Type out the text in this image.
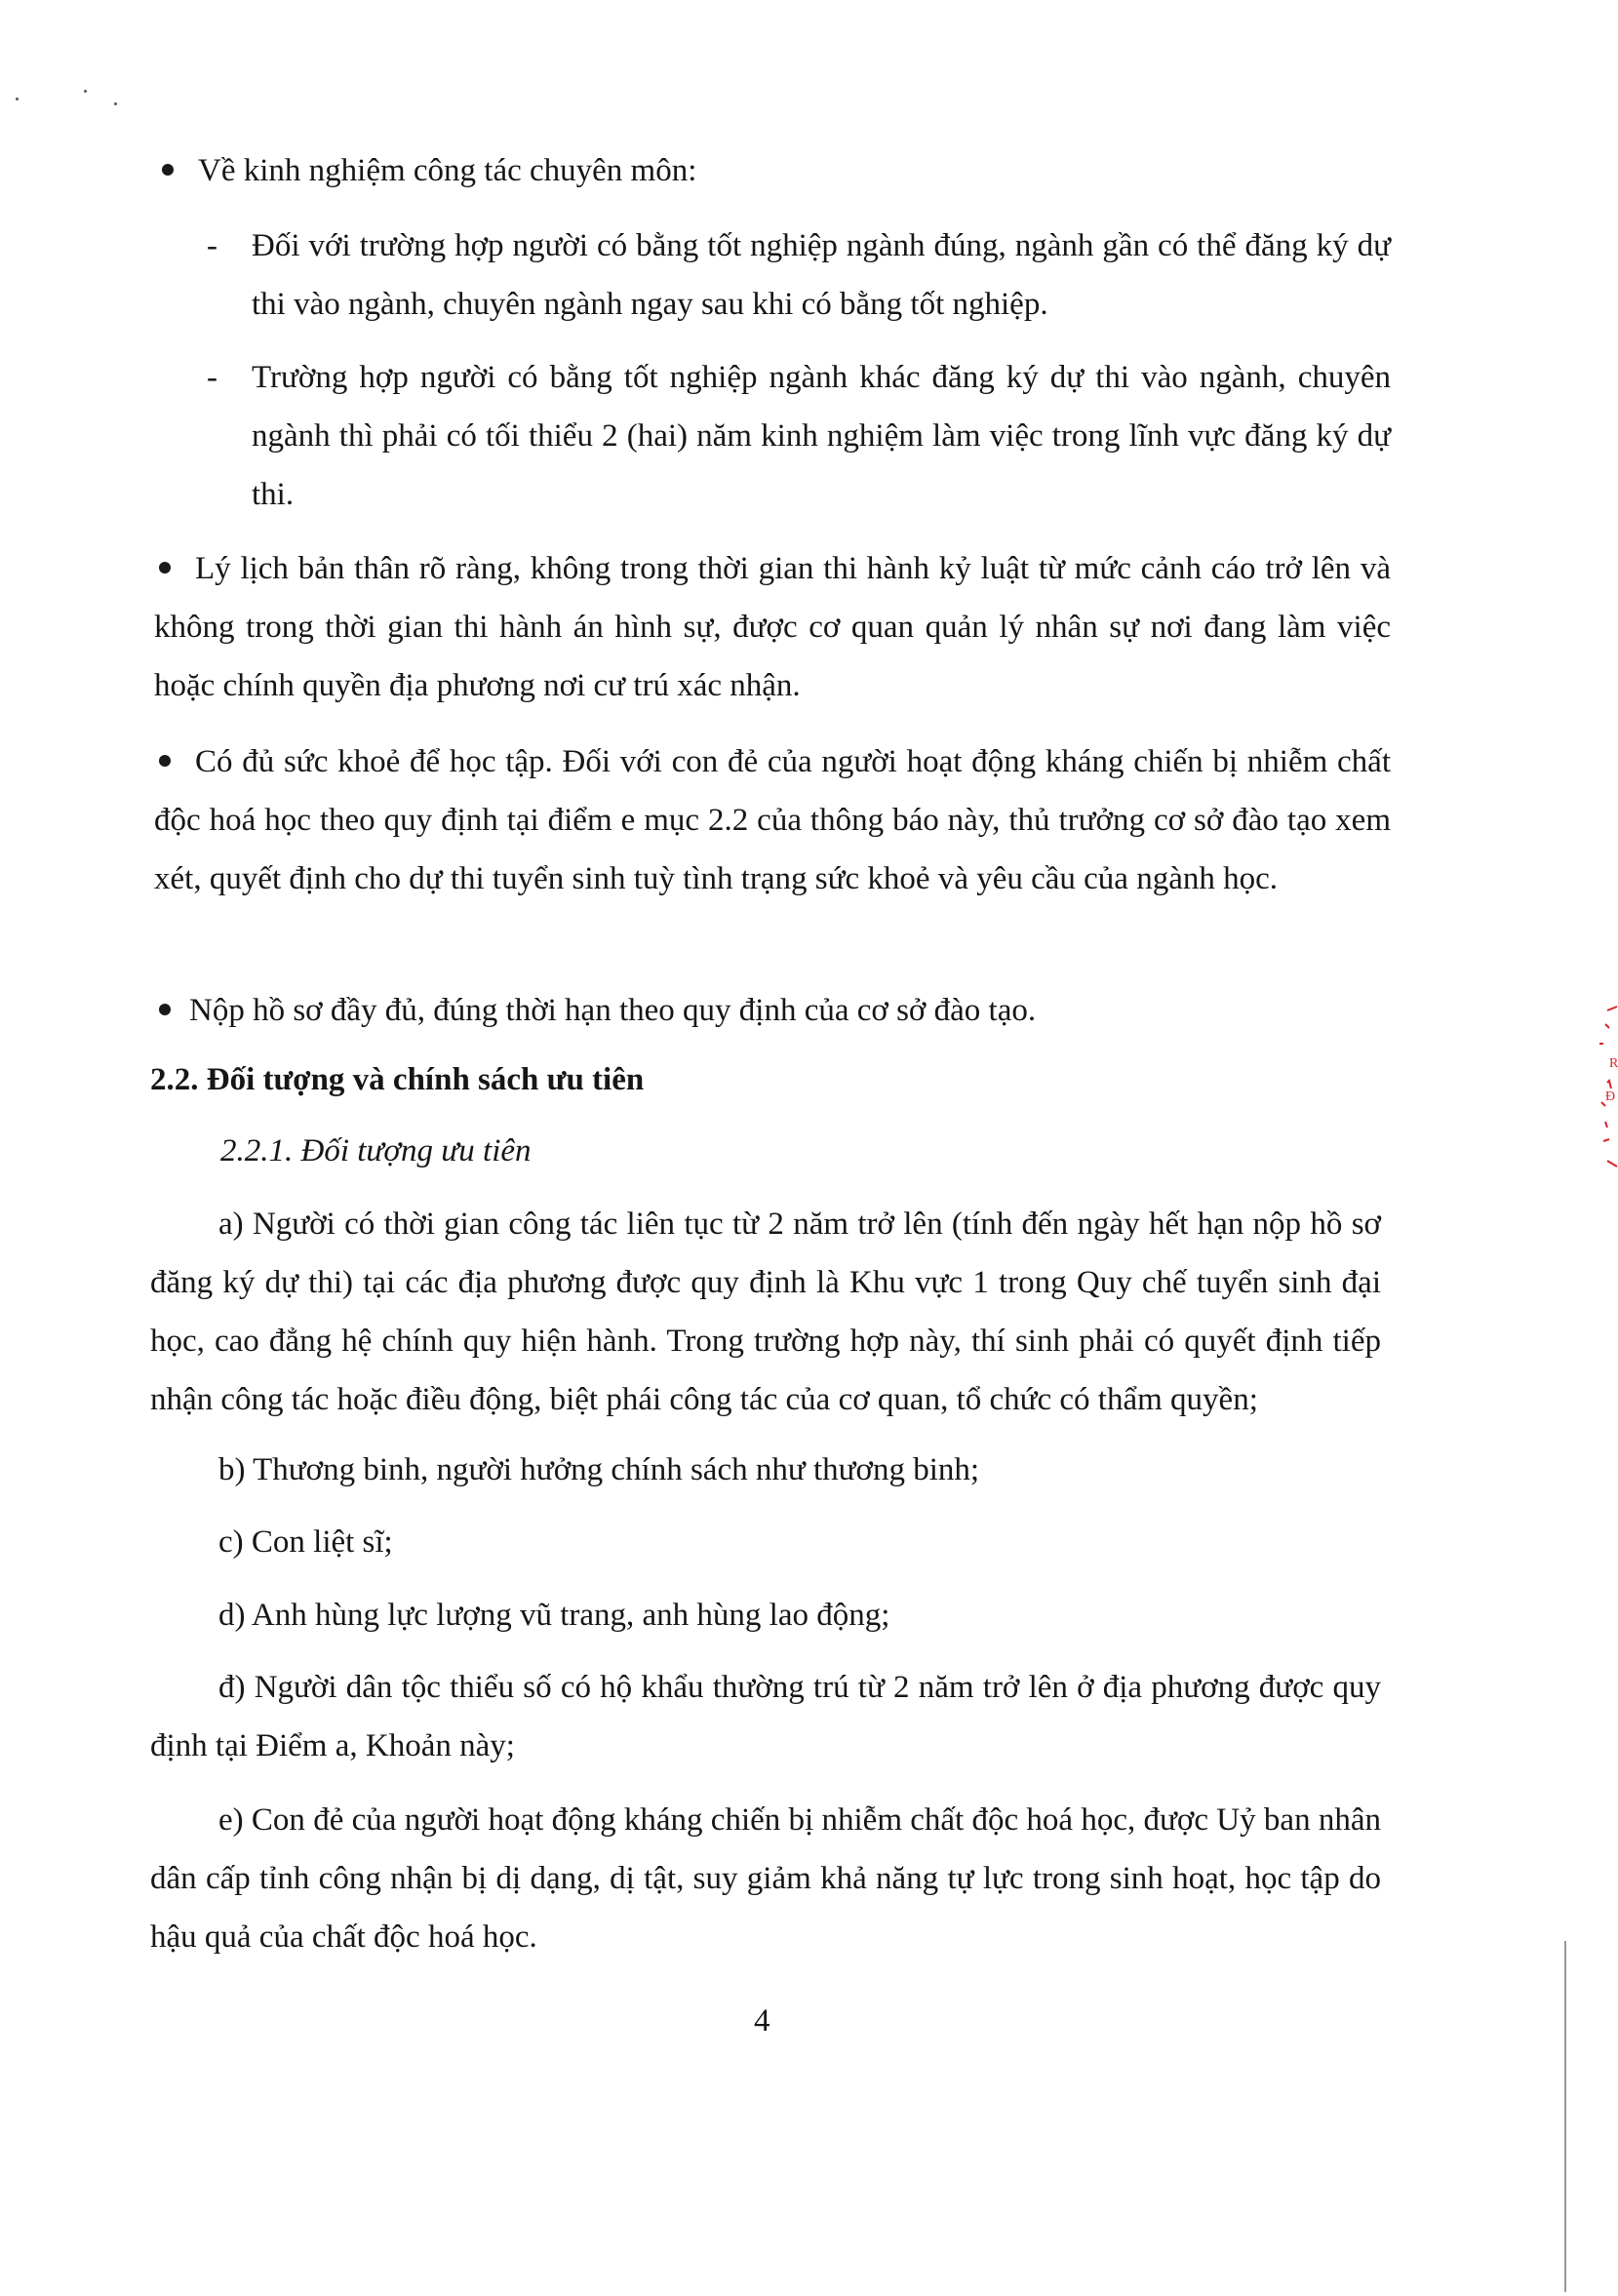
Về kinh nghiệm công tác chuyên môn:

- Đối với trường hợp người có bằng tốt nghiệp ngành đúng, ngành gần có thể đăng ký dự thi vào ngành, chuyên ngành ngay sau khi có bằng tốt nghiệp.

- Trường hợp người có bằng tốt nghiệp ngành khác đăng ký dự thi vào ngành, chuyên ngành thì phải có tối thiểu 2 (hai) năm kinh nghiệm làm việc trong lĩnh vực đăng ký dự thi.

Lý lịch bản thân rõ ràng, không trong thời gian thi hành kỷ luật từ mức cảnh cáo trở lên và không trong thời gian thi hành án hình sự, được cơ quan quản lý nhân sự nơi đang làm việc hoặc chính quyền địa phương nơi cư trú xác nhận.

Có đủ sức khoẻ để học tập. Đối với con đẻ của người hoạt động kháng chiến bị nhiễm chất độc hoá học theo quy định tại điểm e mục 2.2 của thông báo này, thủ trưởng cơ sở đào tạo xem xét, quyết định cho dự thi tuyển sinh tuỳ tình trạng sức khoẻ và yêu cầu của ngành học.

Nộp hồ sơ đầy đủ, đúng thời hạn theo quy định của cơ sở đào tạo.

2.2. Đối tượng và chính sách ưu tiên

2.2.1. Đối tượng ưu tiên

a) Người có thời gian công tác liên tục từ 2 năm trở lên (tính đến ngày hết hạn nộp hồ sơ đăng ký dự thi) tại các địa phương được quy định là Khu vực 1 trong Quy chế tuyển sinh đại học, cao đẳng hệ chính quy hiện hành. Trong trường hợp này, thí sinh phải có quyết định tiếp nhận công tác hoặc điều động, biệt phái công tác của cơ quan, tổ chức có thẩm quyền;

b) Thương binh, người hưởng chính sách như thương binh;

c) Con liệt sĩ;

d) Anh hùng lực lượng vũ trang, anh hùng lao động;

đ) Người dân tộc thiểu số có hộ khẩu thường trú từ 2 năm trở lên ở địa phương được quy định tại Điểm a, Khoản này;

e) Con đẻ của người hoạt động kháng chiến bị nhiễm chất độc hoá học, được Uỷ ban nhân dân cấp tỉnh công nhận bị dị dạng, dị tật, suy giảm khả năng tự lực trong sinh hoạt, học tập do hậu quả của chất độc hoá học.

4
R
Đ
